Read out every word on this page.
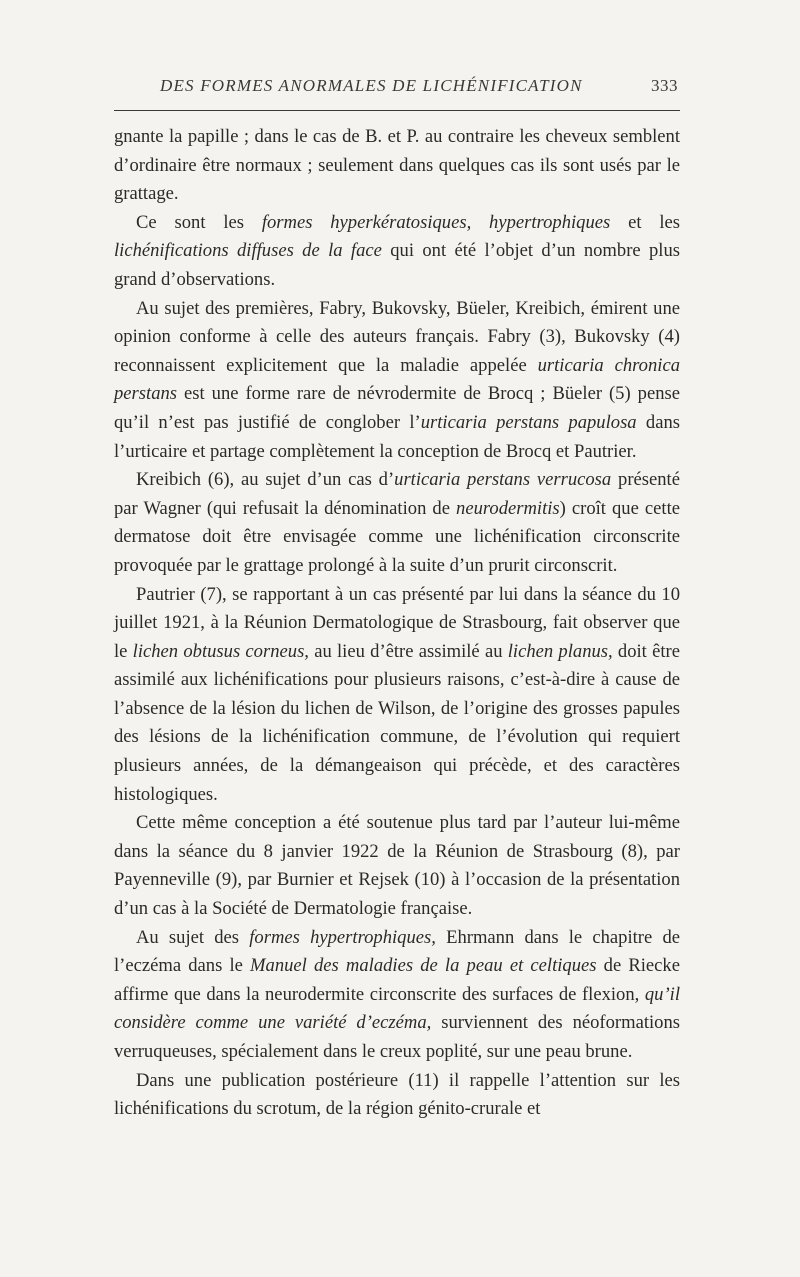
DES FORMES ANORMALES DE LICHÉNIFICATION	333

gnante la papille ; dans le cas de B. et P. au contraire les cheveux semblent d’ordinaire être normaux ; seulement dans quelques cas ils sont usés par le grattage.

Ce sont les formes hyperkératosiques, hypertrophiques et les lichénifications diffuses de la face qui ont été l’objet d’un nombre plus grand d’observations.

Au sujet des premières, Fabry, Bukovsky, Büeler, Kreibich, émirent une opinion conforme à celle des auteurs français. Fabry (3), Bukovsky (4) reconnaissent explicitement que la maladie appelée urticaria chronica perstans est une forme rare de névrodermite de Brocq ; Büeler (5) pense qu’il n’est pas justifié de conglober l’urticaria perstans papulosa dans l’urticaire et partage complètement la conception de Brocq et Pautrier.

Kreibich (6), au sujet d’un cas d’urticaria perstans verrucosa présenté par Wagner (qui refusait la dénomination de neurodermitis) croît que cette dermatose doit être envisagée comme une lichénification circonscrite provoquée par le grattage prolongé à la suite d’un prurit circonscrit.

Pautrier (7), se rapportant à un cas présenté par lui dans la séance du 10 juillet 1921, à la Réunion Dermatologique de Strasbourg, fait observer que le lichen obtusus corneus, au lieu d’être assimilé au lichen planus, doit être assimilé aux lichénifications pour plusieurs raisons, c’est-à-dire à cause de l’absence de la lésion du lichen de Wilson, de l’origine des grosses papules des lésions de la lichénification commune, de l’évolution qui requiert plusieurs années, de la démangeaison qui précède, et des caractères histologiques.

Cette même conception a été soutenue plus tard par l’auteur lui-même dans la séance du 8 janvier 1922 de la Réunion de Strasbourg (8), par Payenneville (9), par Burnier et Rejsek (10) à l’occasion de la présentation d’un cas à la Société de Dermatologie française.

Au sujet des formes hypertrophiques, Ehrmann dans le chapitre de l’eczéma dans le Manuel des maladies de la peau et celtiques de Riecke affirme que dans la neurodermite circonscrite des surfaces de flexion, qu’il considère comme une variété d’eczéma, surviennent des néoformations verruqueuses, spécialement dans le creux poplité, sur une peau brune.

Dans une publication postérieure (11) il rappelle l’attention sur les lichénifications du scrotum, de la région génito-crurale et
